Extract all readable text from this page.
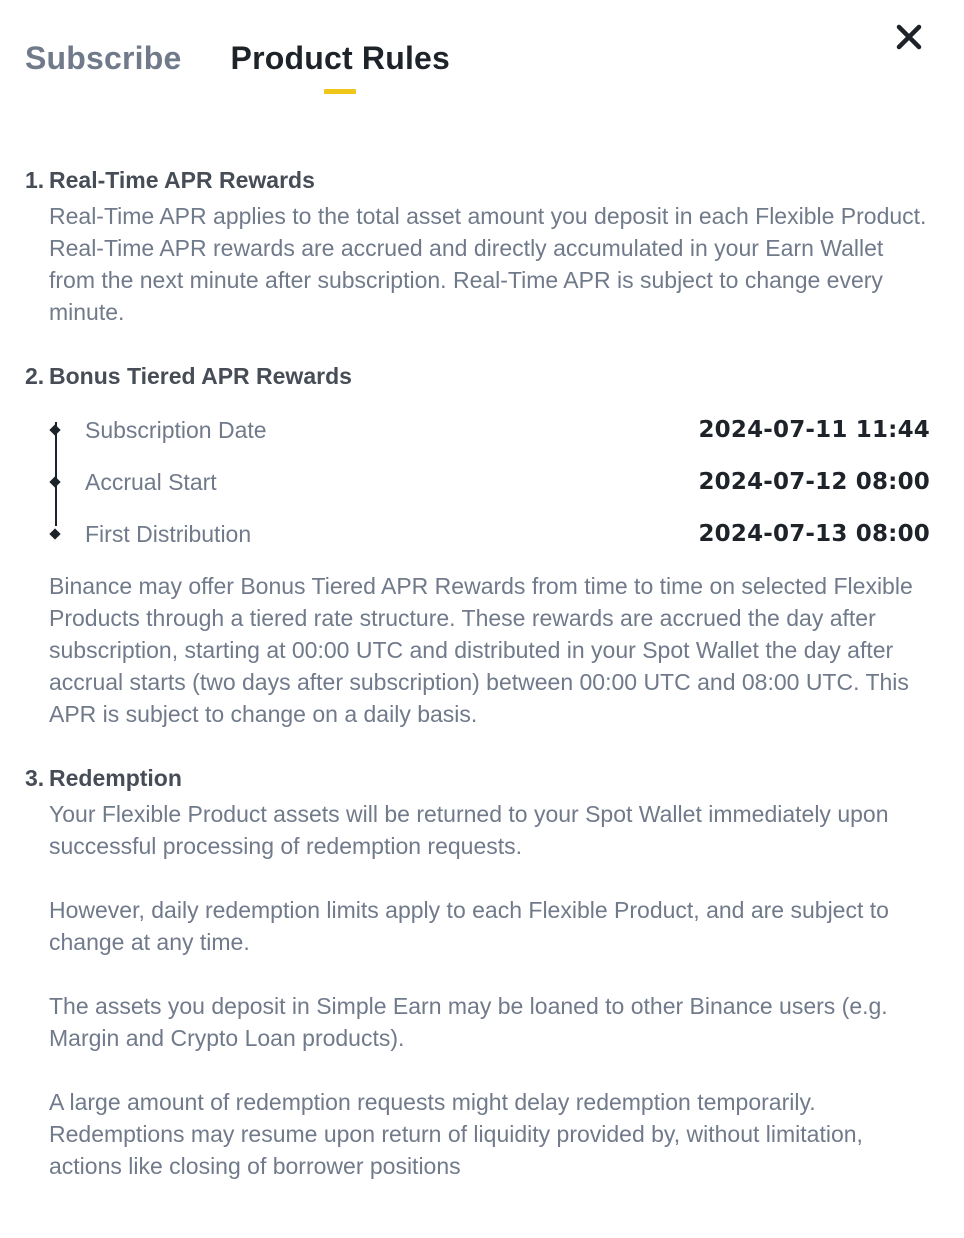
Subscribe Product Rules
1. Real-Time APR Rewards
Real-Time APR applies to the total asset amount you deposit in each Flexible Product. Real-Time APR rewards are accrued and directly accumulated in your Earn Wallet from the next minute after subscription. Real-Time APR is subject to change every minute.
2. Bonus Tiered APR Rewards
Subscription Date	2024-07-11 11:44
Accrual Start	2024-07-12 08:00
First Distribution	2024-07-13 08:00
Binance may offer Bonus Tiered APR Rewards from time to time on selected Flexible Products through a tiered rate structure. These rewards are accrued the day after subscription, starting at 00:00 UTC and distributed in your Spot Wallet the day after accrual starts (two days after subscription) between 00:00 UTC and 08:00 UTC. This APR is subject to change on a daily basis.
3. Redemption
Your Flexible Product assets will be returned to your Spot Wallet immediately upon successful processing of redemption requests.
However, daily redemption limits apply to each Flexible Product, and are subject to change at any time.
The assets you deposit in Simple Earn may be loaned to other Binance users (e.g. Margin and Crypto Loan products).
A large amount of redemption requests might delay redemption temporarily. Redemptions may resume upon return of liquidity provided by, without limitation, actions like closing of borrower positions
